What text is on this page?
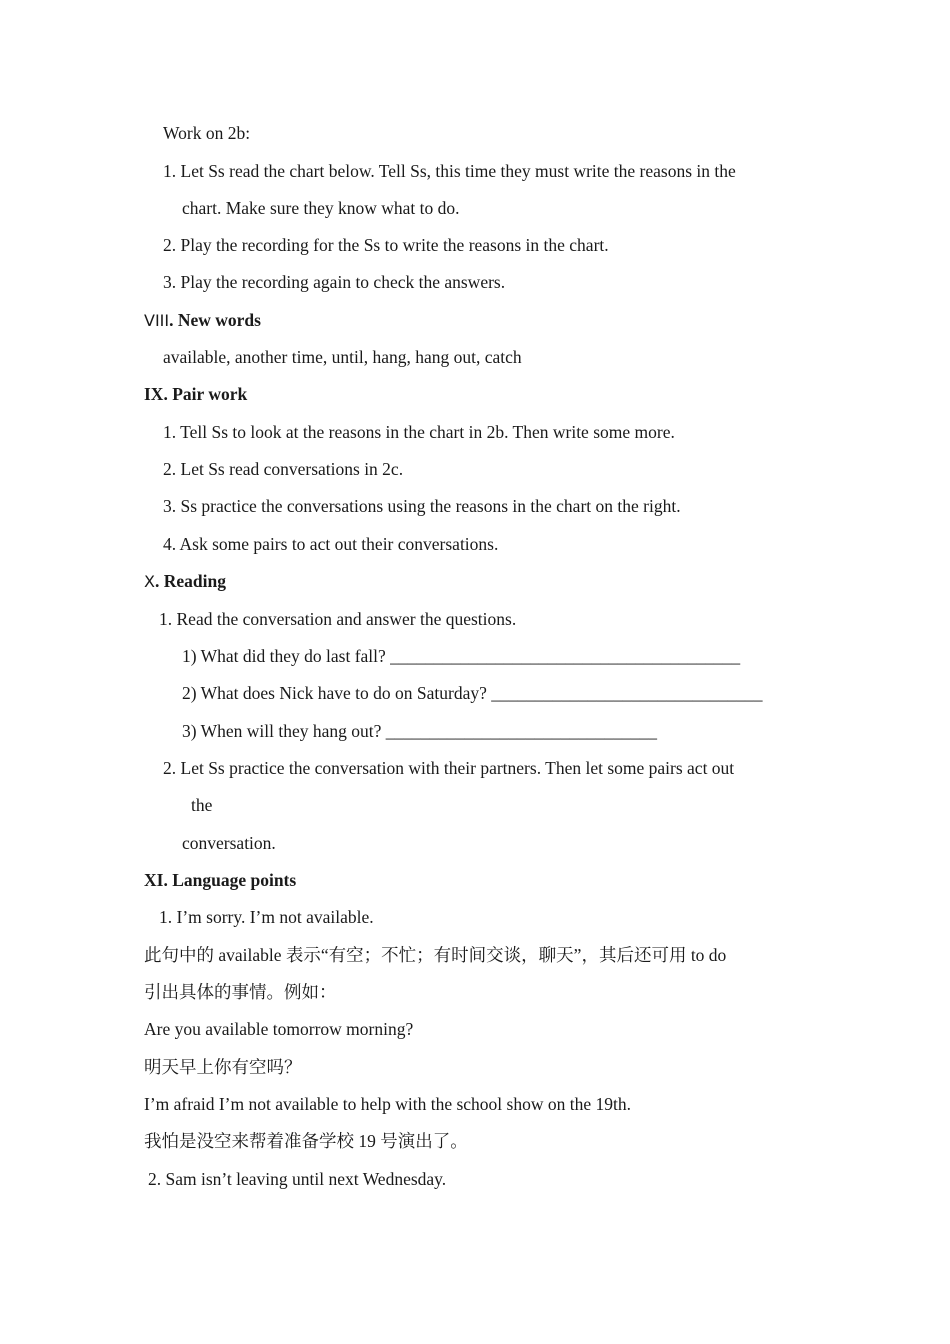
Work on 2b:
1. Let Ss read the chart below. Tell Ss, this time they must write the reasons in the
chart. Make sure they know what to do.
2. Play the recording for the Ss to write the reasons in the chart.
3. Play the recording again to check the answers.
VIII. New words
available, another time, until, hang, hang out, catch
IX. Pair work
1. Tell Ss to look at the reasons in the chart in 2b. Then write some more.
2. Let Ss read conversations in 2c.
3. Ss practice the conversations using the reasons in the chart on the right.
4. Ask some pairs to act out their conversations.
X. Reading
1. Read the conversation and answer the questions.
1) What did they do last fall? ________________________________________
2) What does Nick have to do on Saturday? _______________________________
3) When will they hang out? _______________________________
2. Let Ss practice the conversation with their partners. Then let some pairs act out
the
conversation.
XI. Language points
1. I’m sorry. I’m not available.
此句中的 available 表示“有空；不忙；有时间交谈，聊天”，其后还可用 to do
引出具体的事情。例如：
Are you available tomorrow morning?
明天早上你有空吗？
I’m afraid I’m not available to help with the school show on the 19th.
我怕是没空来帮着准备学校 19 号演出了。
2. Sam isn’t leaving until next Wednesday.
